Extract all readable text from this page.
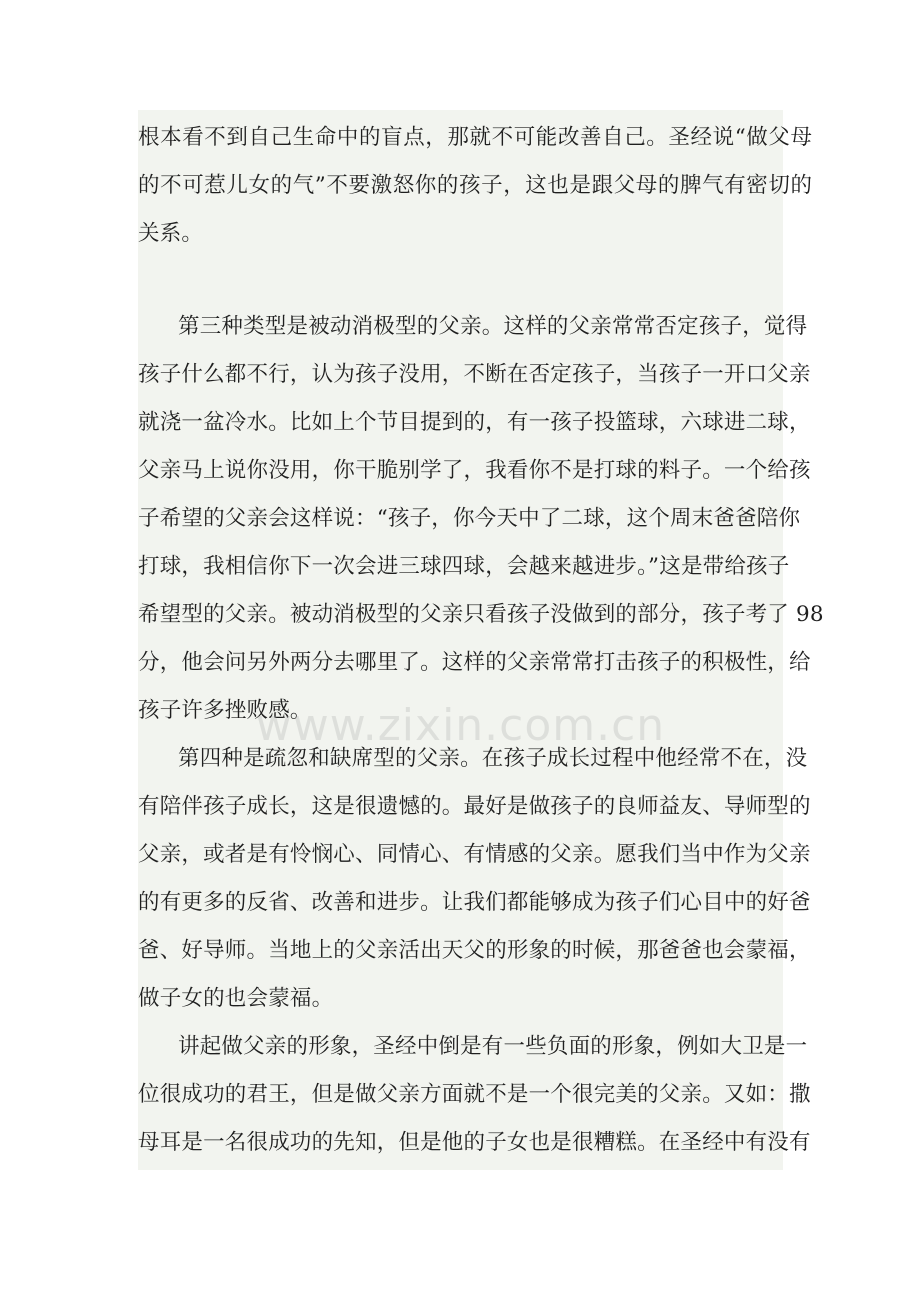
根本看不到自己生命中的盲点，那就不可能改善自己。圣经说“做父母
的不可惹儿女的气”不要激怒你的孩子，这也是跟父母的脾气有密切的
关系。
第三种类型是被动消极型的父亲。这样的父亲常常否定孩子，觉得
孩子什么都不行，认为孩子没用，不断在否定孩子，当孩子一开口父亲
就浇一盆冷水。比如上个节目提到的，有一孩子投篮球，六球进二球，
父亲马上说你没用，你干脆别学了，我看你不是打球的料子。一个给孩
子希望的父亲会这样说：“孩子，你今天中了二球，这个周末爸爸陪你
打球，我相信你下一次会进三球四球，会越来越进步。”这是带给孩子
希望型的父亲。被动消极型的父亲只看孩子没做到的部分，孩子考了 98
分，他会问另外两分去哪里了。这样的父亲常常打击孩子的积极性，给
孩子许多挫败感。
第四种是疏忽和缺席型的父亲。在孩子成长过程中他经常不在，没
有陪伴孩子成长，这是很遗憾的。最好是做孩子的良师益友、导师型的
父亲，或者是有怜悯心、同情心、有情感的父亲。愿我们当中作为父亲
的有更多的反省、改善和进步。让我们都能够成为孩子们心目中的好爸
爸、好导师。当地上的父亲活出天父的形象的时候，那爸爸也会蒙福，
做子女的也会蒙福。
讲起做父亲的形象，圣经中倒是有一些负面的形象，例如大卫是一
位很成功的君王，但是做父亲方面就不是一个很完美的父亲。又如：撒
母耳是一名很成功的先知，但是他的子女也是很糟糕。在圣经中有没有
www.zixin.com.cn
